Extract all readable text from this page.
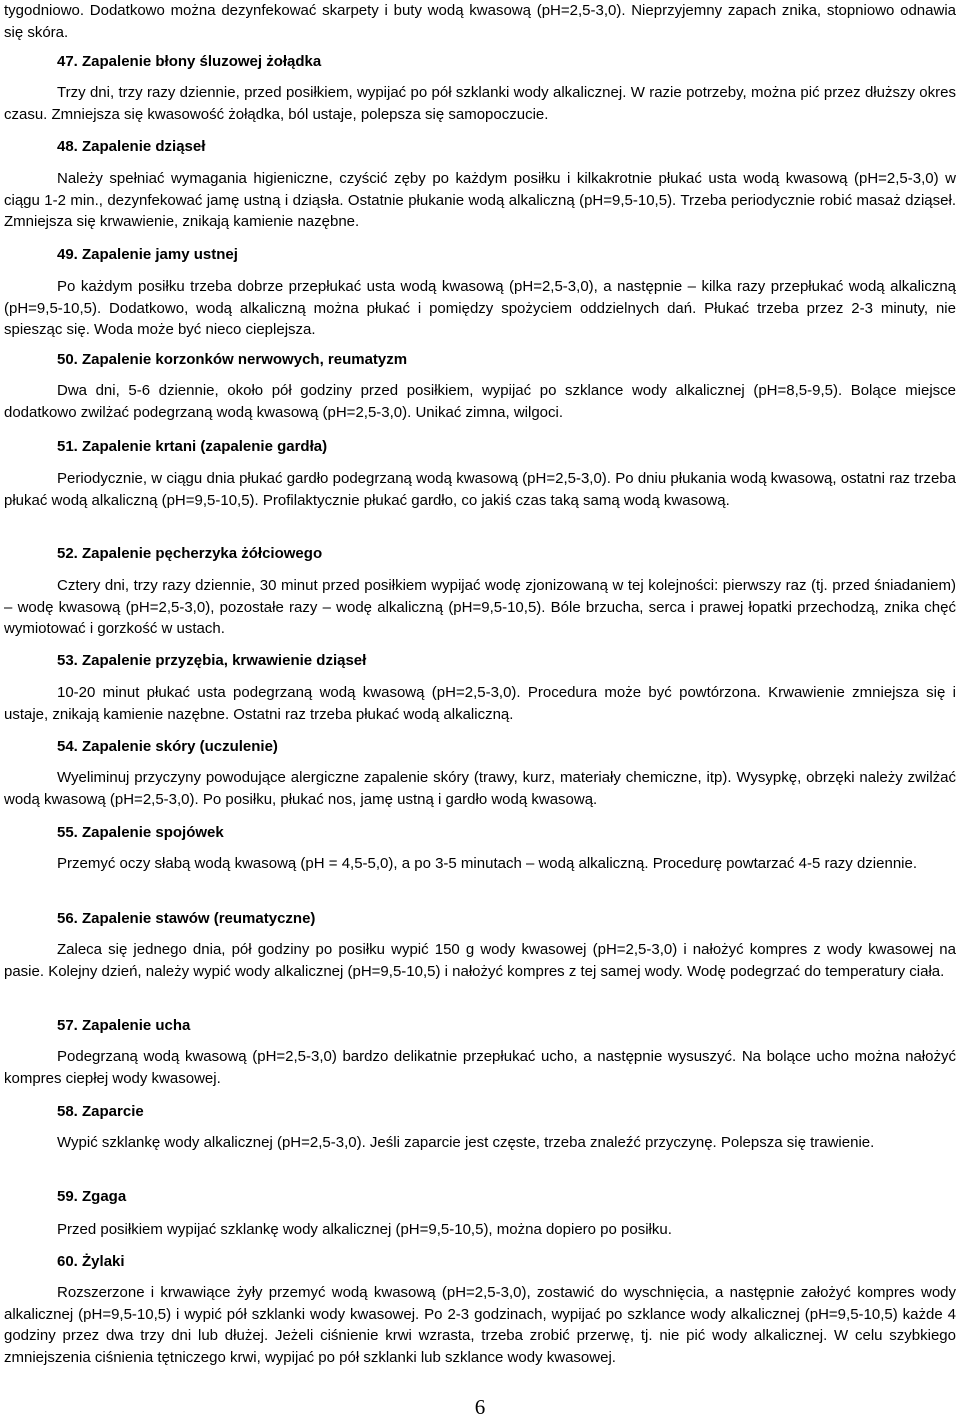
tygodniowo. Dodatkowo można dezynfekować skarpety i buty wodą kwasową (pH=2,5-3,0). Nieprzyjemny zapach znika, stopniowo odnawia się skóra.

47. Zapalenie błony śluzowej żołądka

Trzy dni, trzy razy dziennie, przed posiłkiem, wypijać po pół szklanki wody alkalicznej. W razie potrzeby, można pić przez dłuższy okres czasu. Zmniejsza się kwasowość żołądka, ból ustaje, polepsza się samopoczucie.

48. Zapalenie dziąseł

Należy spełniać wymagania higieniczne, czyścić zęby po każdym posiłku i kilkakrotnie płukać usta wodą kwasową (pH=2,5-3,0) w ciągu 1-2 min., dezynfekować jamę ustną i dziąsła. Ostatnie płukanie wodą alkaliczną (pH=9,5-10,5). Trzeba periodycznie robić masaż dziąseł. Zmniejsza się krwawienie, znikają kamienie nazębne.

49. Zapalenie jamy ustnej

Po każdym posiłku trzeba dobrze przepłukać usta wodą kwasową (pH=2,5-3,0), a następnie – kilka razy przepłukać wodą alkaliczną (pH=9,5-10,5). Dodatkowo, wodą alkaliczną można płukać i pomiędzy spożyciem oddzielnych dań. Płukać trzeba przez 2-3 minuty, nie spiesząc się. Woda może być nieco cieplejsza.

50. Zapalenie korzonków nerwowych, reumatyzm

Dwa dni, 5-6 dziennie, około pół godziny przed posiłkiem, wypijać po szklance wody alkalicznej (pH=8,5-9,5). Bolące miejsce dodatkowo zwilżać podegrzaną wodą kwasową (pH=2,5-3,0). Unikać zimna, wilgoci.

51. Zapalenie krtani (zapalenie gardła)

Periodycznie, w ciągu dnia płukać gardło podegrzaną wodą kwasową (pH=2,5-3,0). Po dniu płukania wodą kwasową, ostatni raz trzeba płukać wodą alkaliczną (pH=9,5-10,5). Profilaktycznie płukać gardło, co jakiś czas taką samą wodą kwasową.

52. Zapalenie pęcherzyka żółciowego

Cztery dni, trzy razy dziennie, 30 minut przed posiłkiem wypijać wodę zjonizowaną w tej kolejności: pierwszy raz (tj. przed śniadaniem) – wodę kwasową (pH=2,5-3,0), pozostałe razy – wodę alkaliczną (pH=9,5-10,5). Bóle brzucha, serca i prawej łopatki przechodzą, znika chęć wymiotować i gorzkość w ustach.

53. Zapalenie przyzębia, krwawienie dziąseł

10-20 minut płukać usta podegrzaną wodą kwasową (pH=2,5-3,0). Procedura może być powtórzona. Krwawienie zmniejsza się i ustaje, znikają kamienie nazębne. Ostatni raz trzeba płukać wodą alkaliczną.

54. Zapalenie skóry (uczulenie)

Wyeliminuj przyczyny powodujące alergiczne zapalenie skóry (trawy, kurz, materiały chemiczne, itp). Wysypkę, obrzęki należy zwilżać wodą kwasową (pH=2,5-3,0). Po posiłku, płukać nos, jamę ustną i gardło wodą kwasową.

55. Zapalenie spojówek

Przemyć oczy słabą wodą kwasową (pH = 4,5-5,0), a po 3-5 minutach – wodą alkaliczną. Procedurę powtarzać 4-5 razy dziennie.

56. Zapalenie stawów (reumatyczne)

Zaleca się jednego dnia, pół godziny po posiłku wypić 150 g wody kwasowej (pH=2,5-3,0) i nałożyć kompres z wody kwasowej na pasie. Kolejny dzień, należy wypić wody alkalicznej (pH=9,5-10,5) i nałożyć kompres z tej samej wody. Wodę podegrzać do temperatury ciała.

57. Zapalenie ucha

Podegrzaną wodą kwasową (pH=2,5-3,0) bardzo delikatnie przepłukać ucho, a następnie wysuszyć. Na bolące ucho można nałożyć kompres ciepłej wody kwasowej.

58. Zaparcie

Wypić szklankę wody alkalicznej (pH=2,5-3,0). Jeśli zaparcie jest częste, trzeba znaleźć przyczynę. Polepsza się trawienie.

59. Zgaga

Przed posiłkiem wypijać szklankę wody alkalicznej (pH=9,5-10,5), można dopiero po posiłku.

60. Żylaki

Rozszerzone i krwawiące żyły przemyć wodą kwasową (pH=2,5-3,0), zostawić do wyschnięcia, a następnie założyć kompres wody alkalicznej (pH=9,5-10,5) i wypić pół szklanki wody kwasowej. Po 2-3 godzinach, wypijać po szklance wody alkalicznej (pH=9,5-10,5) każde 4 godziny przez dwa trzy dni lub dłużej. Jeżeli ciśnienie krwi wzrasta, trzeba zrobić przerwę, tj. nie pić wody alkalicznej. W celu szybkiego zmniejszenia ciśnienia tętniczego krwi, wypijać po pół szklanki lub szklance wody kwasowej.

6
